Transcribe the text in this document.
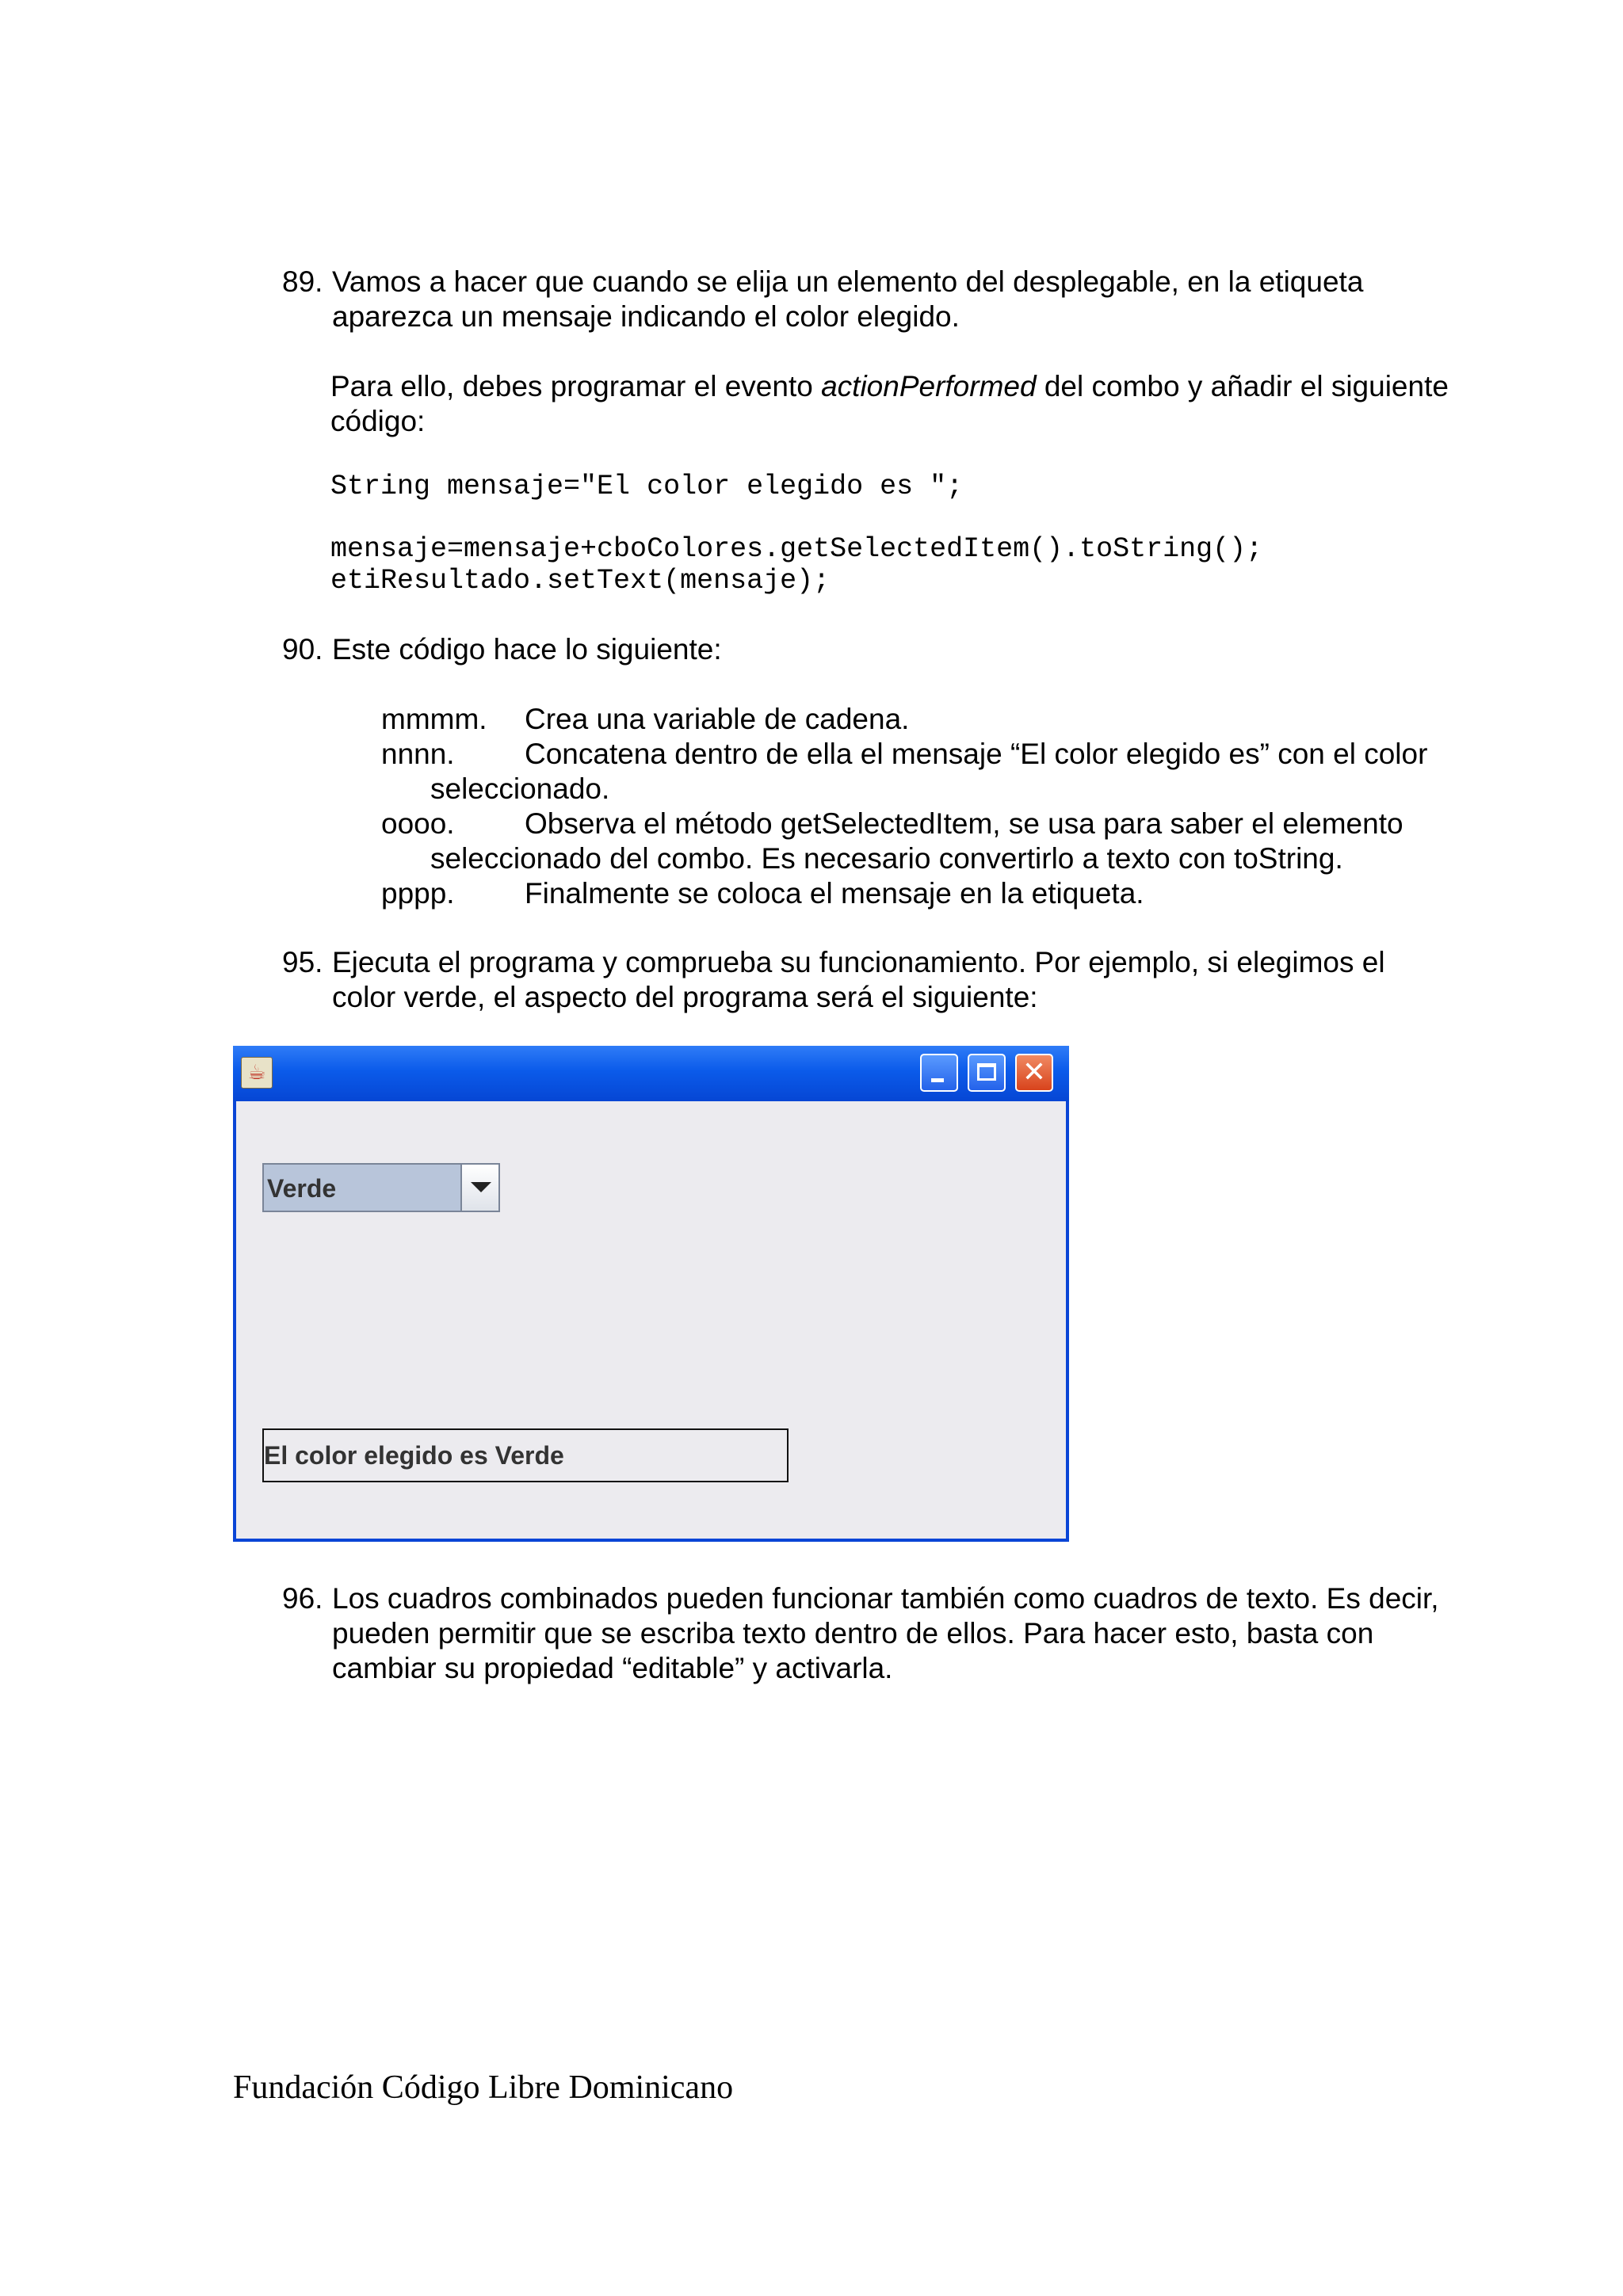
89. Vamos a hacer que cuando se elija un elemento del desplegable, en la etiqueta
aparezca un mensaje indicando el color elegido.
Para ello, debes programar el evento actionPerformed del combo y añadir el siguiente
código:
String mensaje="El color elegido es ";
mensaje=mensaje+cboColores.getSelectedItem().toString();
etiResultado.setText(mensaje);
90. Este código hace lo siguiente:
mmmm. Crea una variable de cadena.
nnnn. Concatena dentro de ella el mensaje “El color elegido es” con el color
seleccionado.
oooo. Observa el método getSelectedItem, se usa para saber el elemento
seleccionado del combo. Es necesario convertirlo a texto con toString.
pppp. Finalmente se coloca el mensaje en la etiqueta.
95. Ejecuta el programa y comprueba su funcionamiento. Por ejemplo, si elegimos el
color verde, el aspecto del programa será el siguiente:
☕	✕
Verde
El color elegido es Verde
96. Los cuadros combinados pueden funcionar también como cuadros de texto. Es decir,
pueden permitir que se escriba texto dentro de ellos. Para hacer esto, basta con
cambiar su propiedad “editable” y activarla.
Fundación Código Libre Dominicano
